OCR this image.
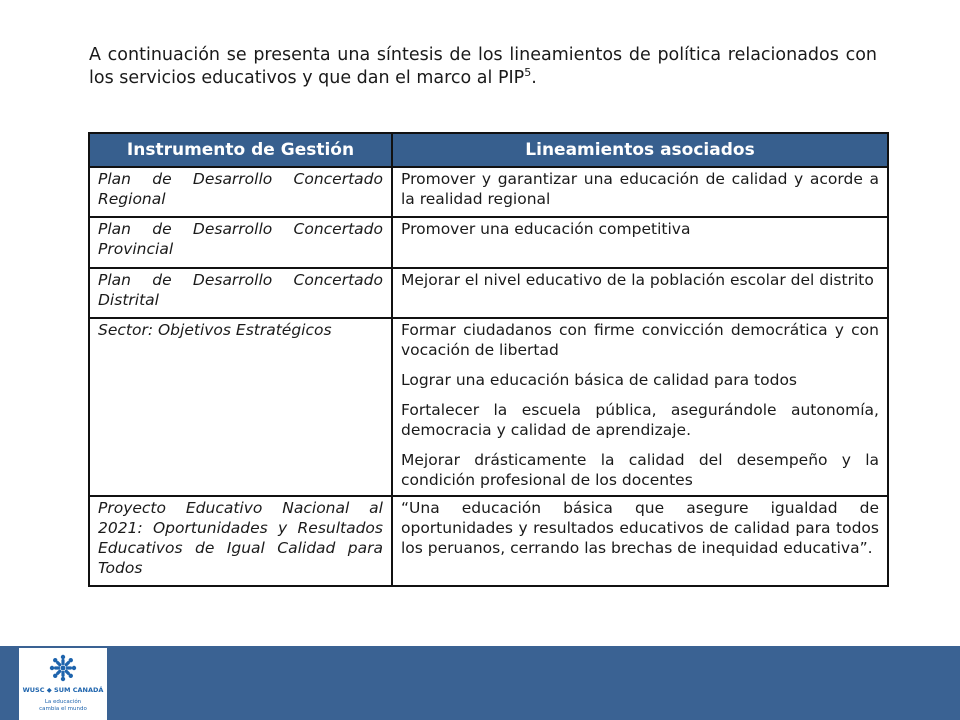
A continuación se presenta una síntesis de los lineamientos de política relacionados con los servicios educativos y que dan el marco al PIP$^5$.

Instrumento de Gestión	Lineamientos asociados
Plan de Desarrollo Concertado Regional	Promover y garantizar una educación de calidad y acorde a la realidad regional

Plan de Desarrollo Concertado Provincial	Promover una educación competitiva

Plan de Desarrollo Concertado Distrital	Mejorar el nivel educativo de la población escolar del distrito

Sector: Objetivos Estratégicos	Formar ciudadanos con firme convicción democrática y con vocación de libertad

Lograr una educación básica de calidad para todos

Fortalecer la escuela pública, asegurándole autonomía, democracia y calidad de aprendizaje.

Mejorar drásticamente la calidad del desempeño y la condición profesional de los docentes

Proyecto Educativo Nacional al 2021: Oportunidades y Resultados Educativos de Igual Calidad para Todos	“Una educación básica que asegure igualdad de oportunidades y resultados educativos de calidad para todos los peruanos, cerrando las brechas de inequidad educativa”.

WUSC ◆ SUM CANADÁ
La educación
cambia el mundo
